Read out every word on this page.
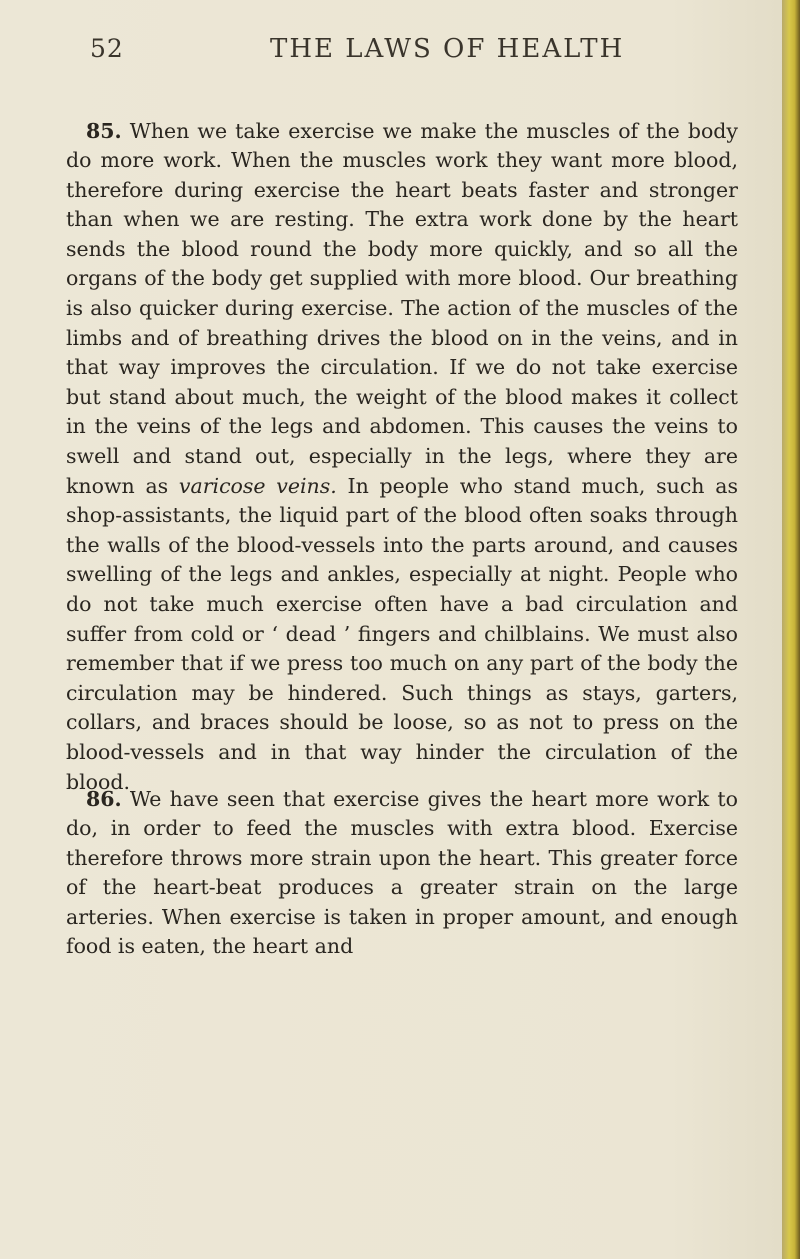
52	THE LAWS OF HEALTH

85. When we take exercise we make the muscles of the body do more work. When the muscles work they want more blood, therefore during exercise the heart beats faster and stronger than when we are resting. The extra work done by the heart sends the blood round the body more quickly, and so all the organs of the body get supplied with more blood. Our breathing is also quicker during exercise. The action of the muscles of the limbs and of breathing drives the blood on in the veins, and in that way improves the circulation. If we do not take exercise but stand about much, the weight of the blood makes it collect in the veins of the legs and abdomen. This causes the veins to swell and stand out, especially in the legs, where they are known as varicose veins. In people who stand much, such as shop-assistants, the liquid part of the blood often soaks through the walls of the blood-vessels into the parts around, and causes swelling of the legs and ankles, especially at night. People who do not take much exercise often have a bad circulation and suffer from cold or ‘ dead ’ fingers and chilblains. We must also remember that if we press too much on any part of the body the circulation may be hindered. Such things as stays, garters, collars, and braces should be loose, so as not to press on the blood-vessels and in that way hinder the circulation of the blood.

86. We have seen that exercise gives the heart more work to do, in order to feed the muscles with extra blood. Exercise therefore throws more strain upon the heart. This greater force of the heart-beat produces a greater strain on the large arteries. When exercise is taken in proper amount, and enough food is eaten, the heart and
